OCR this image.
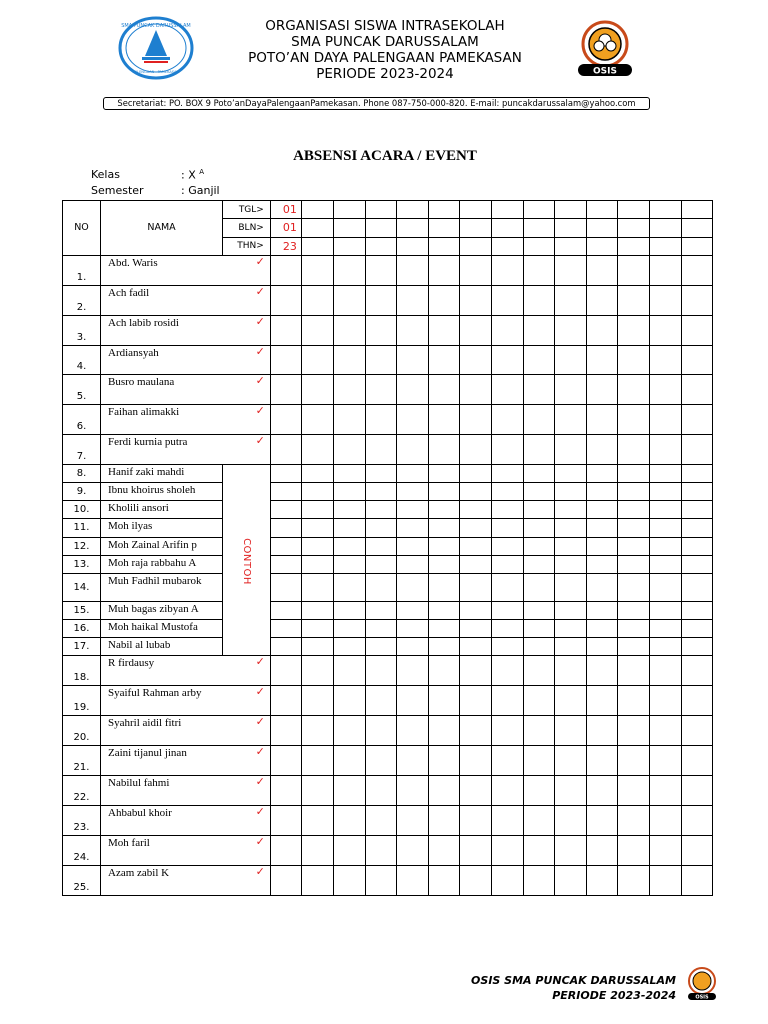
SMA PUNCAK DARUSSALAM
PALENGAAN · PAMEKASAN
ORGANISASI SISWA INTRASEKOLAH
SMA PUNCAK DARUSSALAM
POTO’AN DAYA PALENGAAN PAMEKASAN
PERIODE 2023-2024	OSIS
Secretariat: PO. BOX 9 Poto’anDayaPalengaanPamekasan. Phone 087-750-000-820. E-mail: puncakdarussalam@yahoo.com
ABSENSI ACARA / EVENT
Kelas	: X $^A$
Semester	: Ganjil
NO	NAMA	TGL>	01													
		BLN>	01													
		THN>	23													
1.	Abd. Waris	✓														
2.	Ach fadil	✓														
3.	Ach labib rosidi	✓														
4.	Ardiansyah	✓														
5.	Busro maulana	✓														
6.	Faihan alimakki	✓														
7.	Ferdi kurnia putra	✓														
8.	Hanif zaki mahdi	CONTOH														
9.	Ibnu khoirus sholeh															
10.	Kholili ansori															
11.	Moh ilyas															
12.	Moh Zainal Arifin p															
13.	Moh raja rabbahu A															
14.	Muh Fadhil mubarok															
15.	Muh bagas zibyan A															
16.	Moh haikal Mustofa															
17.	Nabil al lubab															
18.	R firdausy	✓														
19.	Syaiful Rahman arby	✓														
20.	Syahril aidil fitri	✓														
21.	Zaini tijanul jinan	✓														
22.	Nabilul fahmi	✓														
23.	Ahbabul khoir	✓														
24.	Moh faril	✓														
25.	Azam zabil K	✓														
OSIS SMA PUNCAK DARUSSALAM
PERIODE 2023-2024	OSIS
